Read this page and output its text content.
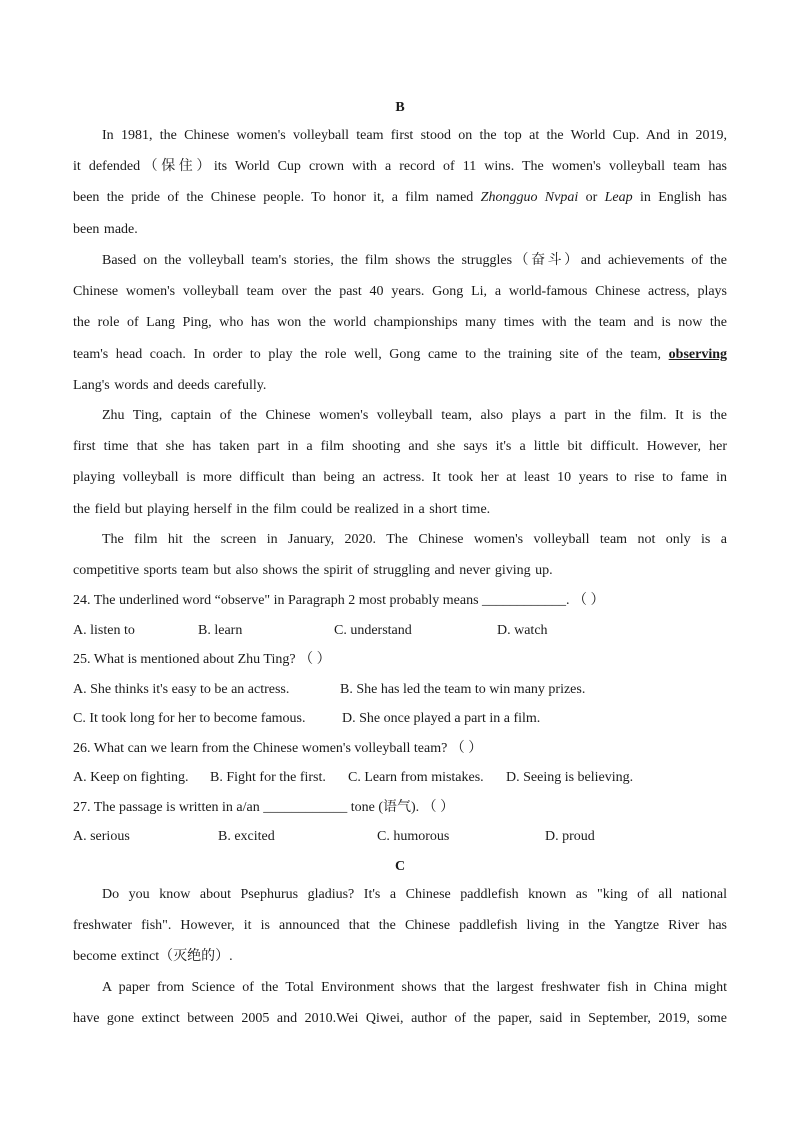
B
In 1981, the Chinese women's volleyball team first stood on the top at the World Cup. And in 2019,
it defended（保住）its World Cup crown with a record of 11 wins. The women's volleyball team has
been the pride of the Chinese people. To honor it, a film named Zhongguo Nvpai or Leap in English has
been made.
Based on the volleyball team's stories, the film shows the struggles（奋斗）and achievements of the
Chinese women's volleyball team over the past 40 years. Gong Li, a world-famous Chinese actress, plays
the role of Lang Ping, who has won the world championships many times with the team and is now the
team's head coach. In order to play the role well, Gong came to the training site of the team, observing
Lang's words and deeds carefully.
Zhu Ting, captain of the Chinese women's volleyball team, also plays a part in the film. It is the
first time that she has taken part in a film shooting and she says it's a little bit difficult. However, her
playing volleyball is more difficult than being an actress. It took her at least 10 years to rise to fame in
the field but playing herself in the film could be realized in a short time.
The film hit the screen in January, 2020. The Chinese women's volleyball team not only is a
competitive sports team but also shows the spirit of struggling and never giving up.
24. The underlined word “observe" in Paragraph 2 most probably means ____________. （ ）
A. listen to	B. learn	C. understand	D. watch
25. What is mentioned about Zhu Ting? （ ）
A. She thinks it's easy to be an actress.	B. She has led the team to win many prizes.
C. It took long for her to become famous.	D. She once played a part in a film.
26. What can we learn from the Chinese women's volleyball team? （ ）
A. Keep on fighting. B. Fight for the first. C. Learn from mistakes. D. Seeing is believing.
27. The passage is written in a/an ____________ tone (语气). （ ）
A. serious	B. excited	C. humorous	D. proud
C
Do you know about Psephurus gladius? It's a Chinese paddlefish known as "king of all national
freshwater fish". However, it is announced that the Chinese paddlefish living in the Yangtze River has
become extinct（灭绝的）.
A paper from Science of the Total Environment shows that the largest freshwater fish in China might
have gone extinct between 2005 and 2010.Wei Qiwei, author of the paper, said in September, 2019, some
